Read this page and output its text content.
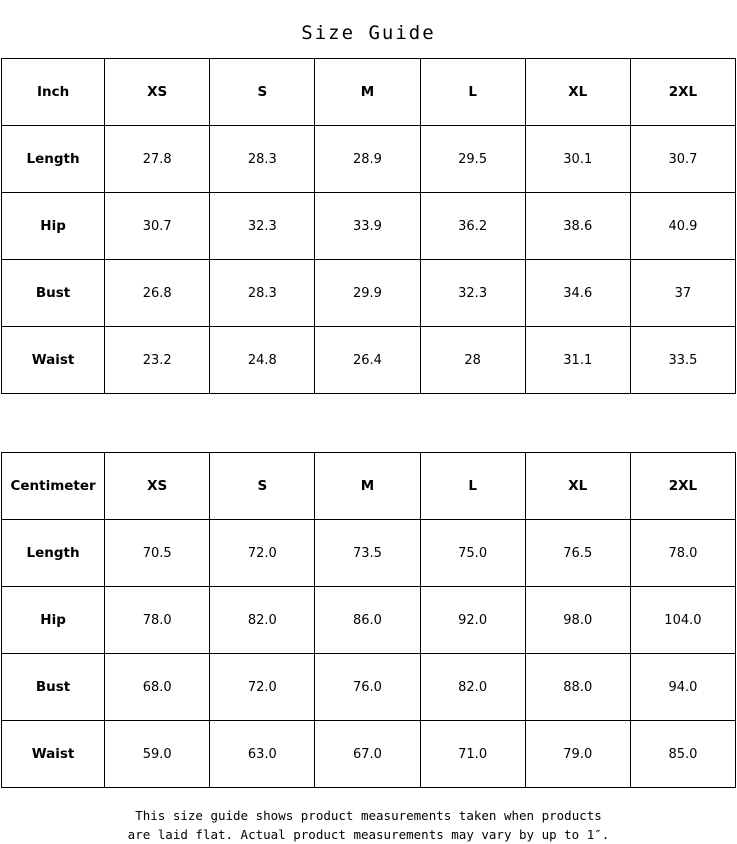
Size Guide
Inch	XS	S	M	L	XL	2XL
Length	27.8	28.3	28.9	29.5	30.1	30.7
Hip	30.7	32.3	33.9	36.2	38.6	40.9
Bust	26.8	28.3	29.9	32.3	34.6	37
Waist	23.2	24.8	26.4	28	31.1	33.5
Centimeter	XS	S	M	L	XL	2XL
Length	70.5	72.0	73.5	75.0	76.5	78.0
Hip	78.0	82.0	86.0	92.0	98.0	104.0
Bust	68.0	72.0	76.0	82.0	88.0	94.0
Waist	59.0	63.0	67.0	71.0	79.0	85.0
This size guide shows product measurements taken when products
are laid flat. Actual product measurements may vary by up to 1″.
